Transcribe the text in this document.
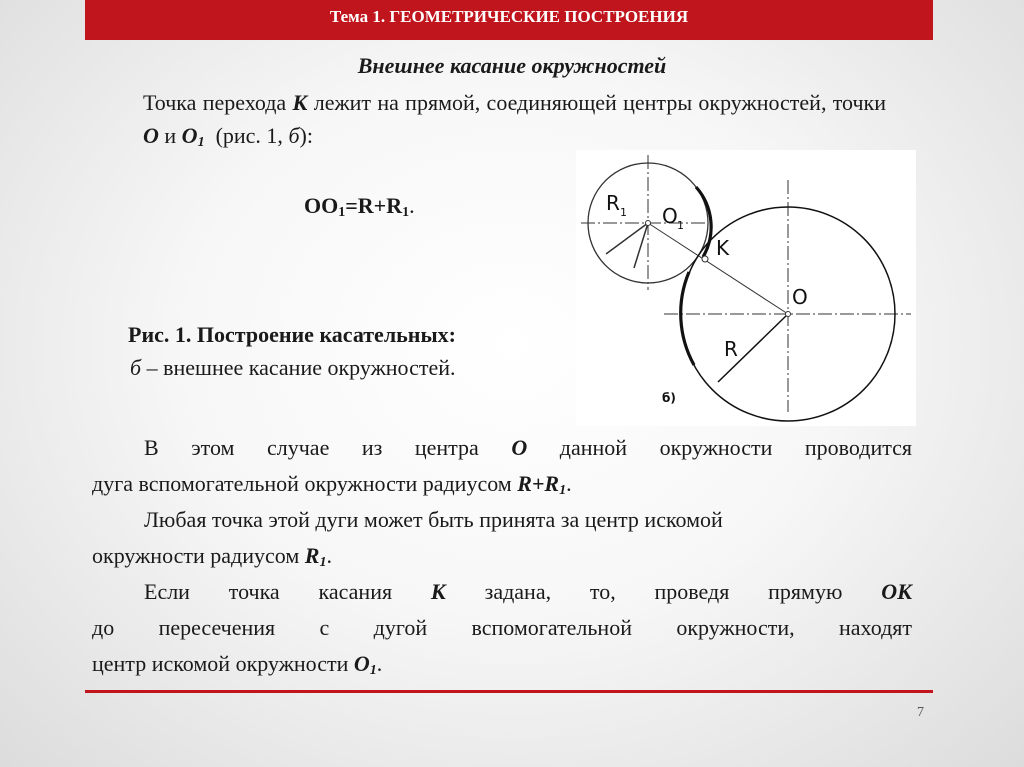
Тема 1. ГЕОМЕТРИЧЕСКИЕ ПОСТРОЕНИЯ
Внешнее касание окружностей
Точка перехода К лежит на прямой, соединяющей центры окружностей, точки О и $О_1$ (рис. 1, б):
$ОО_1=R+R_1$.
Рис. 1. Построение касательных:
б – внешнее касание окружностей.
R 1 O 1
K
O
R
б)
В этом случае из центра О данной окружности проводится
дуга вспомогательной окружности радиусом $R+R_1$.
Любая точка этой дуги может быть принята за центр искомой
окружности радиусом $R_1$.
Если точка касания К задана, то, проведя прямую ОК
до пересечения с дугой вспомогательной окружности, находят
центр искомой окружности $О_1$.
7
